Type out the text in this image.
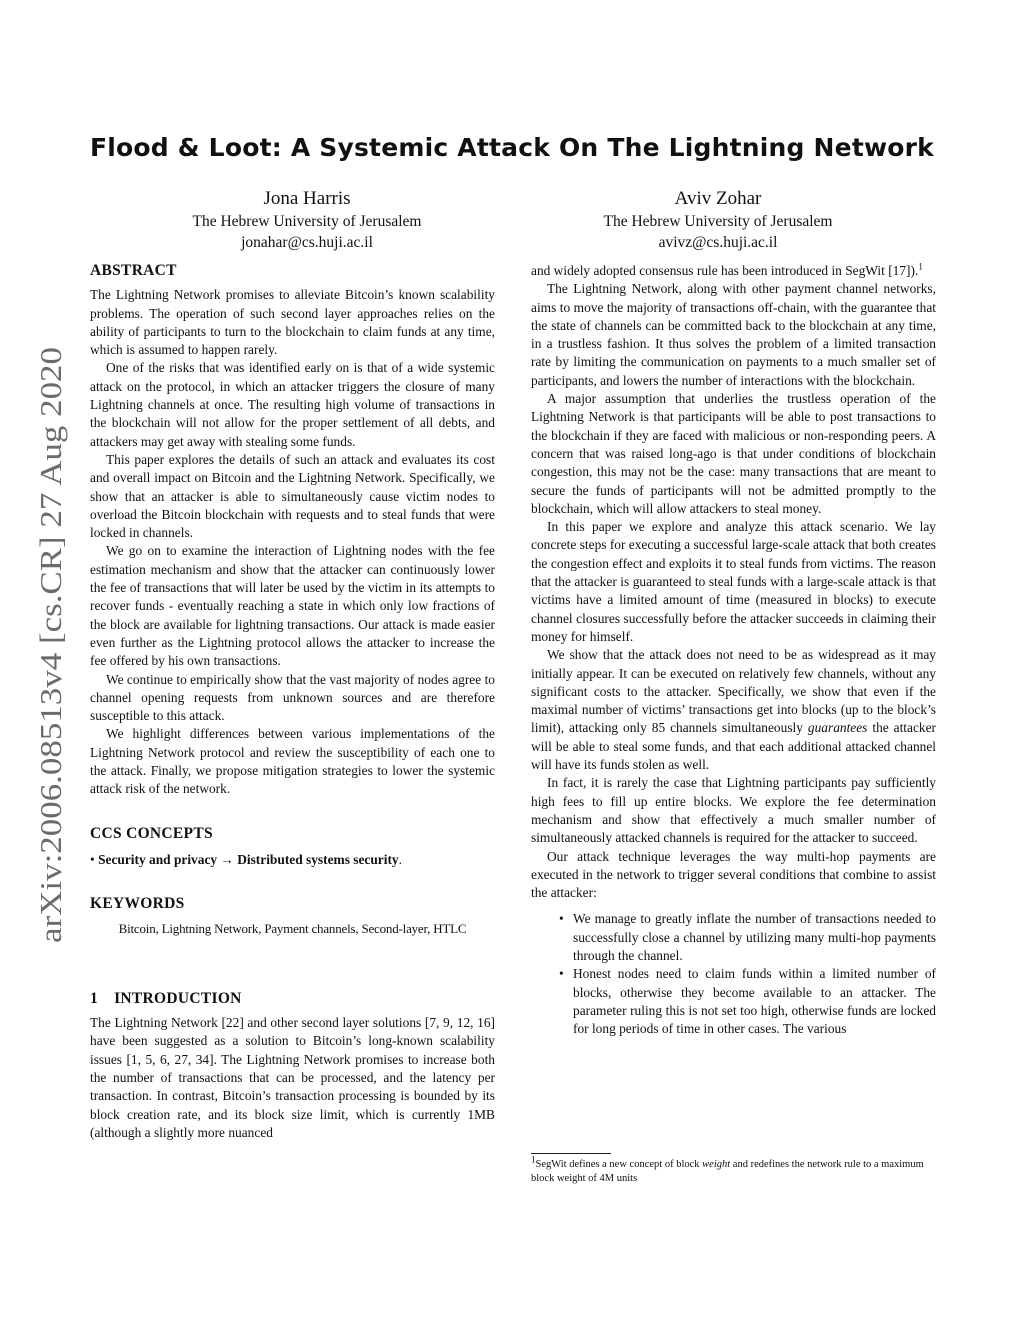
arXiv:2006.08513v4 [cs.CR] 27 Aug 2020
Flood & Loot: A Systemic Attack On The Lightning Network
Jona Harris
The Hebrew University of Jerusalem
jonahar@cs.huji.ac.il
Aviv Zohar
The Hebrew University of Jerusalem
avivz@cs.huji.ac.il
ABSTRACT

The Lightning Network promises to alleviate Bitcoin’s known scalability problems. The operation of such second layer approaches relies on the ability of participants to turn to the blockchain to claim funds at any time, which is assumed to happen rarely.

One of the risks that was identified early on is that of a wide systemic attack on the protocol, in which an attacker triggers the closure of many Lightning channels at once. The resulting high volume of transactions in the blockchain will not allow for the proper settlement of all debts, and attackers may get away with stealing some funds.

This paper explores the details of such an attack and evaluates its cost and overall impact on Bitcoin and the Lightning Network. Specifically, we show that an attacker is able to simultaneously cause victim nodes to overload the Bitcoin blockchain with requests and to steal funds that were locked in channels.

We go on to examine the interaction of Lightning nodes with the fee estimation mechanism and show that the attacker can continuously lower the fee of transactions that will later be used by the victim in its attempts to recover funds - eventually reaching a state in which only low fractions of the block are available for lightning transactions. Our attack is made easier even further as the Lightning protocol allows the attacker to increase the fee offered by his own transactions.

We continue to empirically show that the vast majority of nodes agree to channel opening requests from unknown sources and are therefore susceptible to this attack.

We highlight differences between various implementations of the Lightning Network protocol and review the susceptibility of each one to the attack. Finally, we propose mitigation strategies to lower the systemic attack risk of the network.

CCS CONCEPTS
• Security and privacy → Distributed systems security.
KEYWORDS
Bitcoin, Lightning Network, Payment channels, Second-layer, HTLC
1 INTRODUCTION

The Lightning Network [22] and other second layer solutions [7, 9, 12, 16] have been suggested as a solution to Bitcoin’s long-known scalability issues [1, 5, 6, 27, 34]. The Lightning Network promises to increase both the number of transactions that can be processed, and the latency per transaction. In contrast, Bitcoin’s transaction processing is bounded by its block creation rate, and its block size limit, which is currently 1MB (although a slightly more nuanced

and widely adopted consensus rule has been introduced in SegWit [17]).$^1$

The Lightning Network, along with other payment channel networks, aims to move the majority of transactions off-chain, with the guarantee that the state of channels can be committed back to the blockchain at any time, in a trustless fashion. It thus solves the problem of a limited transaction rate by limiting the communication on payments to a much smaller set of participants, and lowers the number of interactions with the blockchain.

A major assumption that underlies the trustless operation of the Lightning Network is that participants will be able to post transactions to the blockchain if they are faced with malicious or non-responding peers. A concern that was raised long-ago is that under conditions of blockchain congestion, this may not be the case: many transactions that are meant to secure the funds of participants will not be admitted promptly to the blockchain, which will allow attackers to steal money.

In this paper we explore and analyze this attack scenario. We lay concrete steps for executing a successful large-scale attack that both creates the congestion effect and exploits it to steal funds from victims. The reason that the attacker is guaranteed to steal funds with a large-scale attack is that victims have a limited amount of time (measured in blocks) to execute channel closures successfully before the attacker succeeds in claiming their money for himself.

We show that the attack does not need to be as widespread as it may initially appear. It can be executed on relatively few channels, without any significant costs to the attacker. Specifically, we show that even if the maximal number of victims’ transactions get into blocks (up to the block’s limit), attacking only 85 channels simultaneously guarantees the attacker will be able to steal some funds, and that each additional attacked channel will have its funds stolen as well.

In fact, it is rarely the case that Lightning participants pay sufficiently high fees to fill up entire blocks. We explore the fee determination mechanism and show that effectively a much smaller number of simultaneously attacked channels is required for the attacker to succeed.

Our attack technique leverages the way multi-hop payments are executed in the network to trigger several conditions that combine to assist the attacker:

• We manage to greatly inflate the number of transactions needed to successfully close a channel by utilizing many multi-hop payments through the channel.
• Honest nodes need to claim funds within a limited number of blocks, otherwise they become available to an attacker. The parameter ruling this is not set too high, otherwise funds are locked for long periods of time in other cases. The various
1SegWit defines a new concept of block weight and redefines the network rule to a maximum block weight of 4M units
